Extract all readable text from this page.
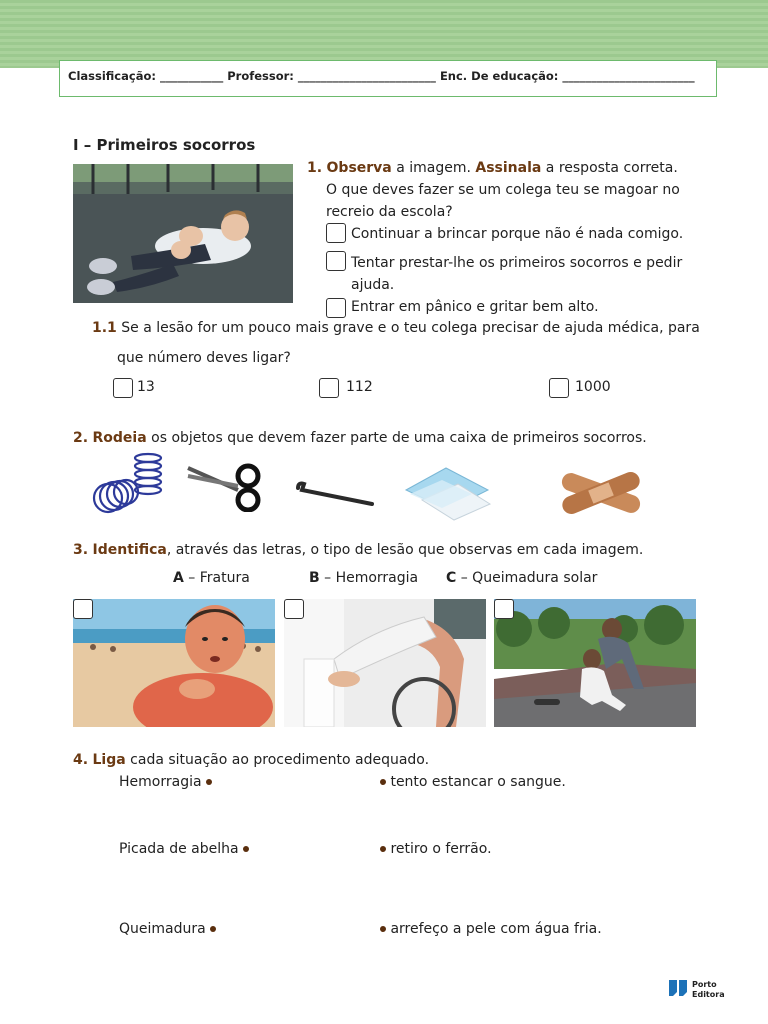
Classificação: ___________ Professor: ________________________ Enc. De educação: _______________________
I – Primeiros socorros
1. Observa a imagem. Assinala a resposta correta.
O que deves fazer se um colega teu se magoar no
recreio da escola?
Continuar a brincar porque não é nada comigo.
Tentar prestar-lhe os primeiros socorros e pedir
ajuda.
Entrar em pânico e gritar bem alto.
1.1 Se a lesão for um pouco mais grave e o teu colega precisar de ajuda médica, para
que número deves ligar?
13	112	1000
2. Rodeia os objetos que devem fazer parte de uma caixa de primeiros socorros.
3. Identifica, através das letras, o tipo de lesão que observas em cada imagem.
A – Fratura	B – Hemorragia C – Queimadura solar
4. Liga cada situação ao procedimento adequado.
Hemorragia	tento estancar o sangue.
Picada de abelha	retiro o ferrão.
Queimadura	arrefeço a pele com água fria.
Porto
Editora
